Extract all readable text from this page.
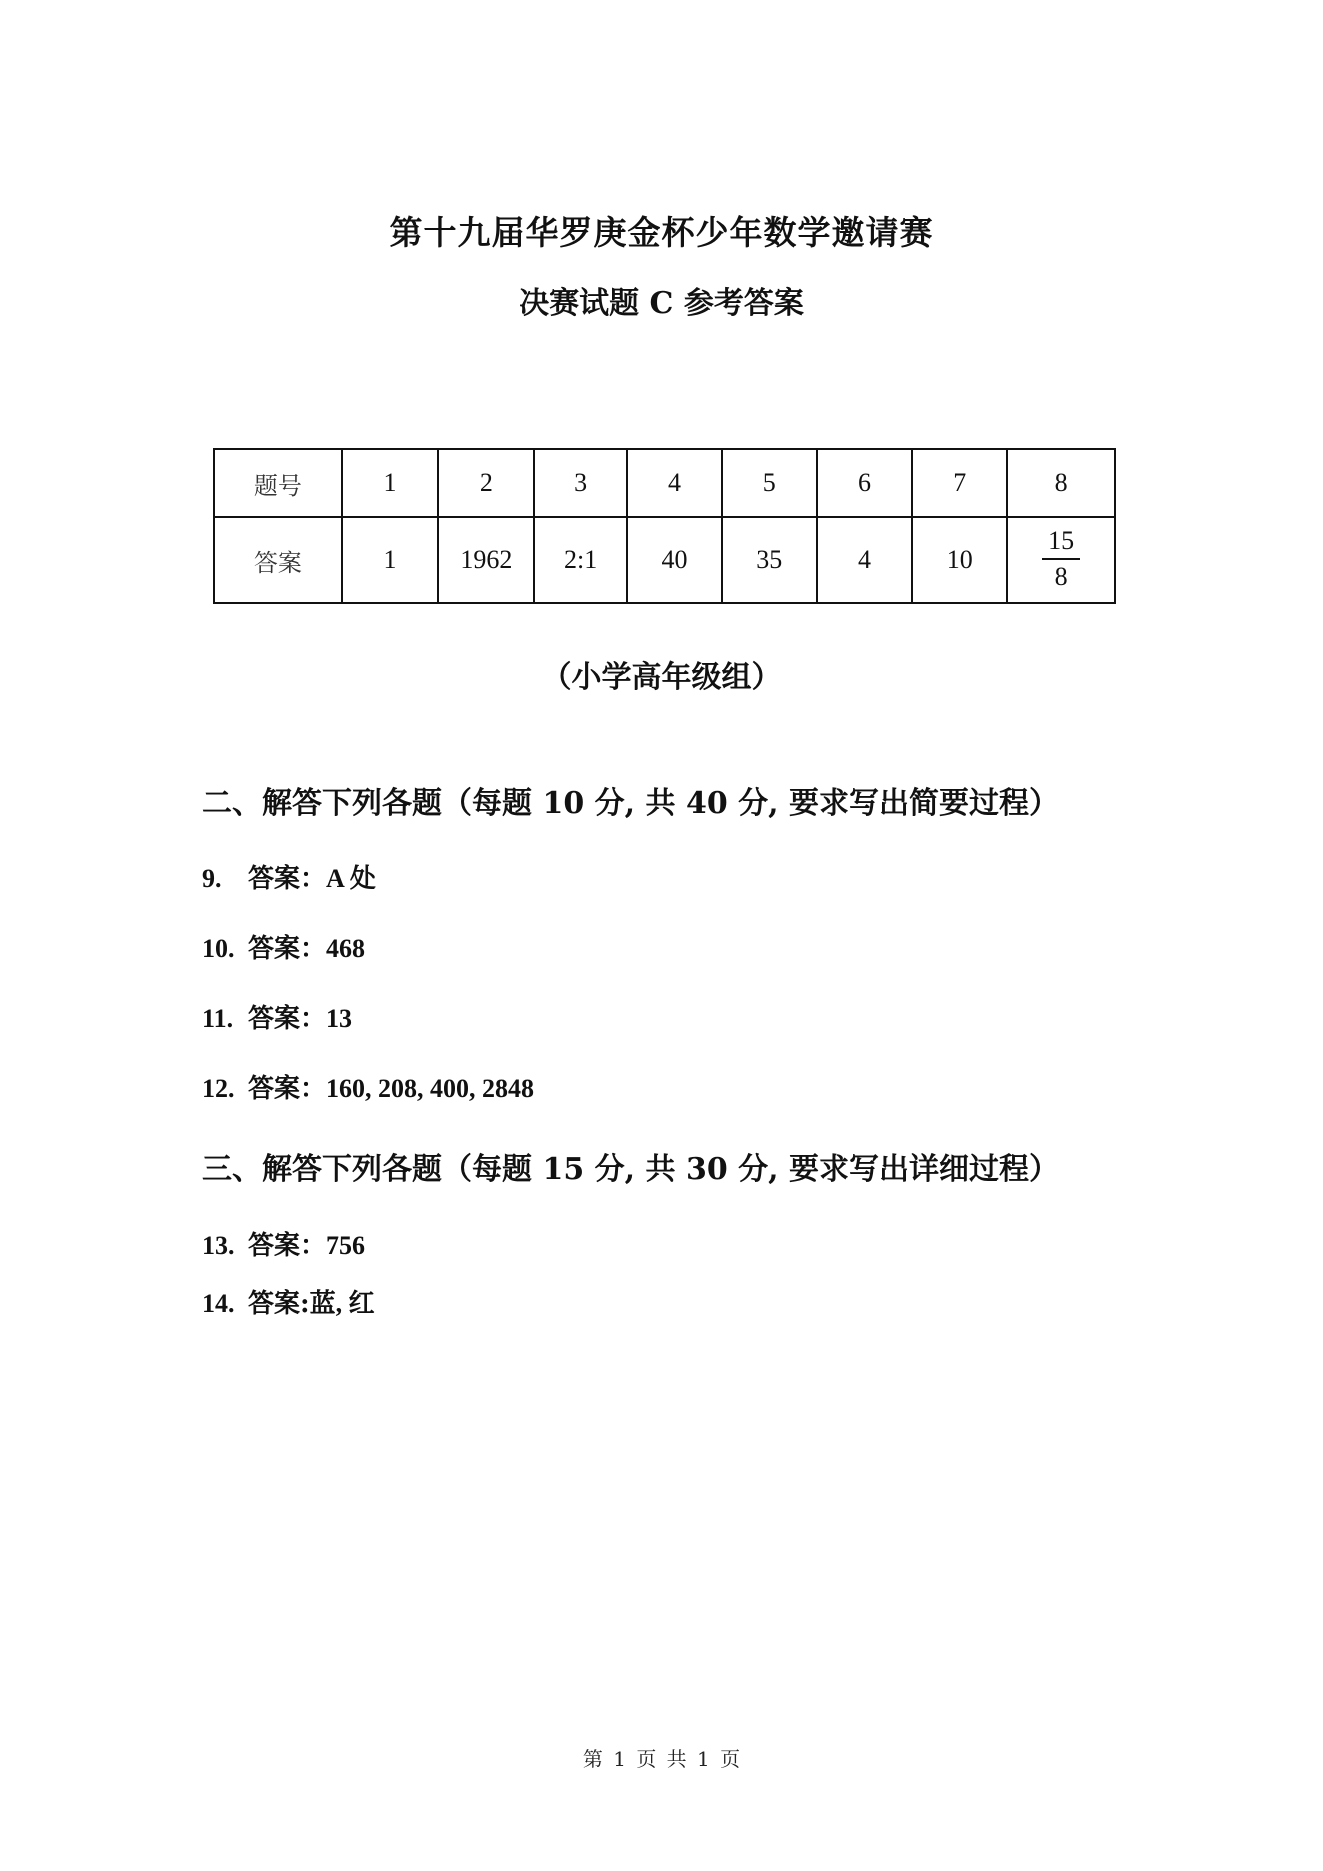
第十九届华罗庚金杯少年数学邀请赛
决赛试题 C 参考答案
题号	1	2	3	4	5	6	7	8
答案	1	1962	2:1	40	35	4	10	$\frac{15}{8}$
（小学高年级组）
二、解答下列各题（每题 10 分, 共 40 分, 要求写出简要过程）
9. 答案：A 处
10. 答案：468
11. 答案：13
12. 答案：160, 208, 400, 2848
三、解答下列各题（每题 15 分, 共 30 分, 要求写出详细过程）
13. 答案：756
14. 答案:蓝, 红
第 1 页 共 1 页
